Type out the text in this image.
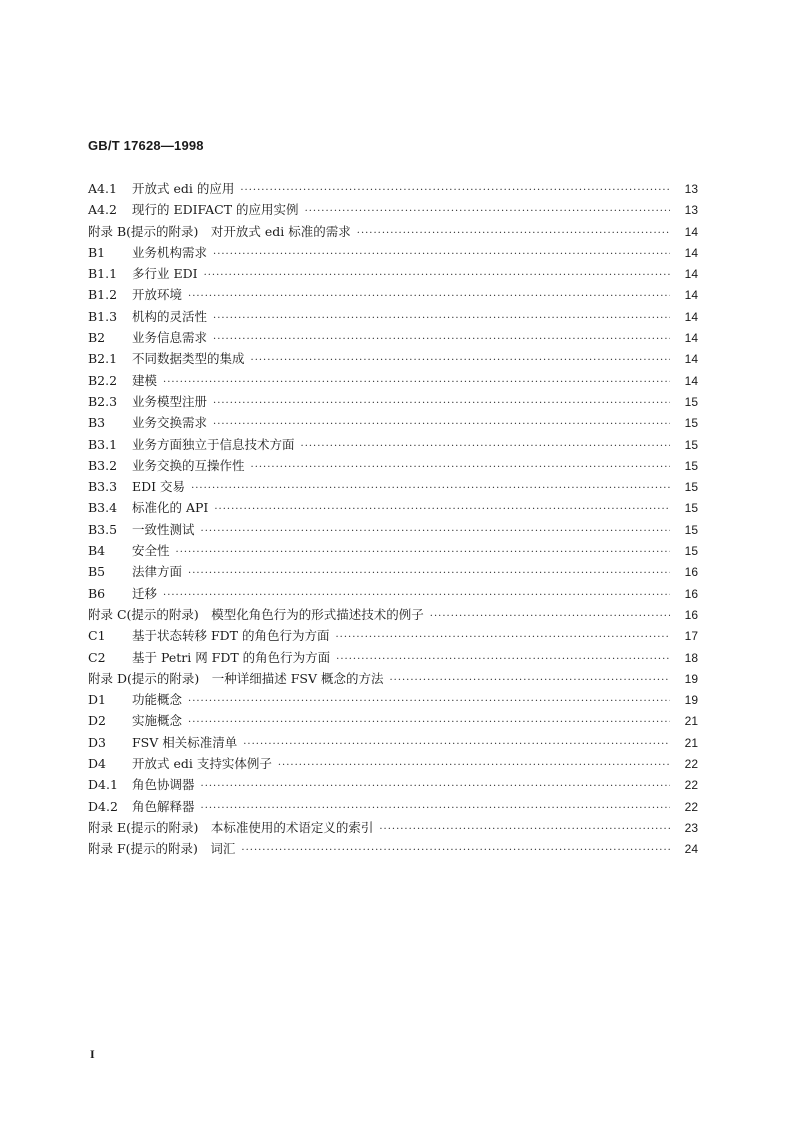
GB/T 17628—1998
A4.1	开放式 edi 的应用 ·····	13
A4.2	现行的 EDIFACT 的应用实例 ·····	13
附录 B(提示的附录)　对开放式 edi 标准的需求 ·····	14
B1	业务机构需求 ·····	14
B1.1	多行业 EDI ·····	14
B1.2	开放环境 ·····	14
B1.3	机构的灵活性 ·····	14
B2	业务信息需求 ·····	14
B2.1	不同数据类型的集成 ·····	14
B2.2	建模 ·····	14
B2.3	业务模型注册 ·····	15
B3	业务交换需求 ·····	15
B3.1	业务方面独立于信息技术方面 ·····	15
B3.2	业务交换的互操作性 ·····	15
B3.3	EDI 交易 ·····	15
B3.4	标准化的 API ·····	15
B3.5	一致性测试 ·····	15
B4	安全性 ·····	15
B5	法律方面 ·····	16
B6	迁移 ·····	16
附录 C(提示的附录)　模型化角色行为的形式描述技术的例子 ·····	16
C1	基于状态转移 FDT 的角色行为方面 ·····	17
C2	基于 Petri 网 FDT 的角色行为方面 ·····	18
附录 D(提示的附录)　一种详细描述 FSV 概念的方法 ·····	19
D1	功能概念 ·····	19
D2	实施概念 ·····	21
D3	FSV 相关标准清单 ·····	21
D4	开放式 edi 支持实体例子 ·····	22
D4.1	角色协调器 ·····	22
D4.2	角色解释器 ·····	22
附录 E(提示的附录)　本标准使用的术语定义的索引 ·····	23
附录 F(提示的附录)　词汇 ·····	24
I
